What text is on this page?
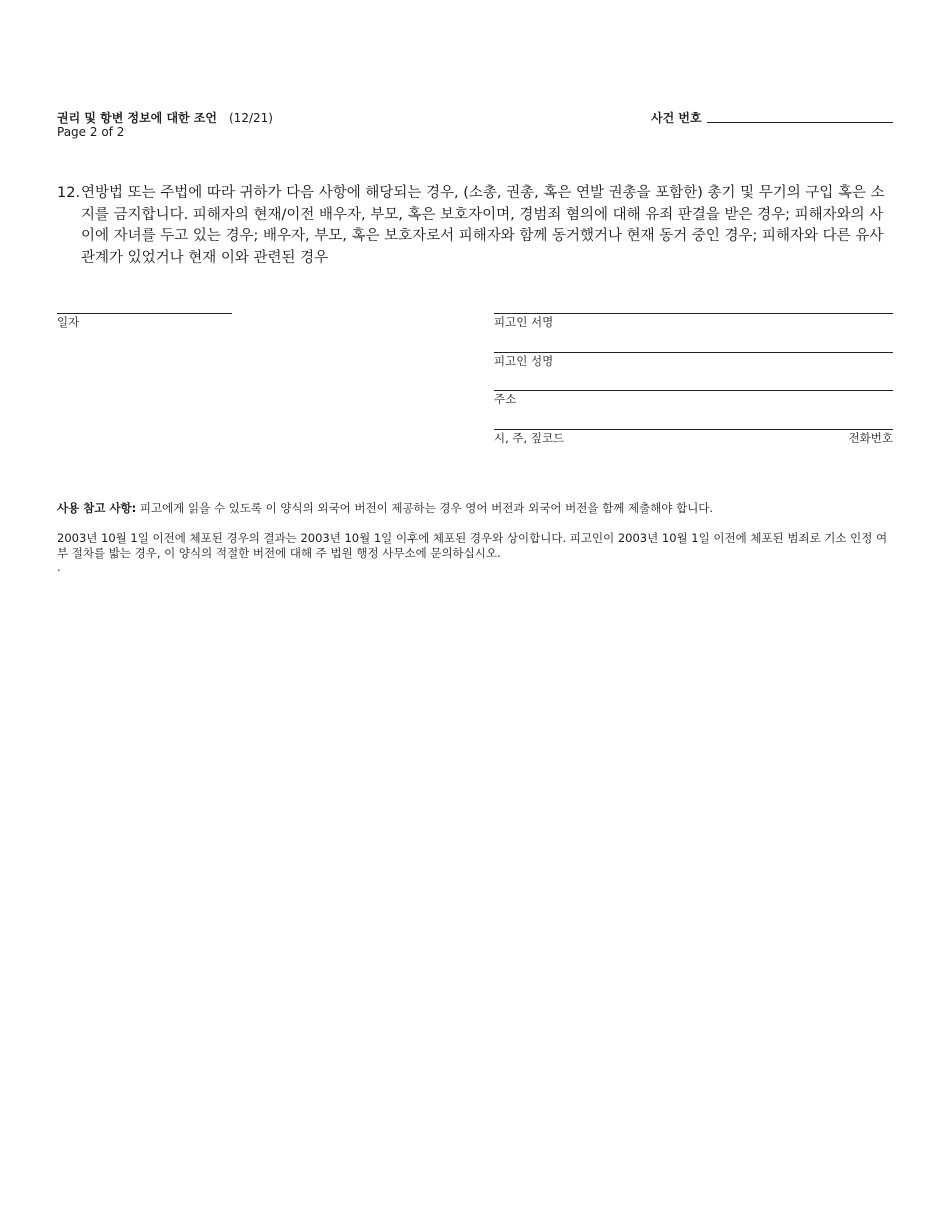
권리 및 항변 정보에 대한 조언 (12/21)
Page 2 of 2
사건 번호
12. 연방법 또는 주법에 따라 귀하가 다음 사항에 해당되는 경우, (소총, 권총, 혹은 연발 권총을 포함한) 총기 및 무기의 구입 혹은 소지를 금지합니다. 피해자의 현재/이전 배우자, 부모, 혹은 보호자이며, 경범죄 혐의에 대해 유죄 판결을 받은 경우; 피해자와의 사이에 자녀를 두고 있는 경우; 배우자, 부모, 혹은 보호자로서 피해자와 함께 동거했거나 현재 동거 중인 경우; 피해자와 다른 유사 관계가 있었거나 현재 이와 관련된 경우
일자	피고인 서명
피고인 성명
주소
시, 주, 짚코드	전화번호
사용 참고 사항: 피고에게 읽을 수 있도록 이 양식의 외국어 버전이 제공하는 경우 영어 버전과 외국어 버전을 함께 제출해야 합니다.
2003년 10월 1일 이전에 체포된 경우의 결과는 2003년 10월 1일 이후에 체포된 경우와 상이합니다. 피고인이 2003년 10월 1일 이전에 체포된 범죄로 기소 인정 여부 절차를 밟는 경우, 이 양식의 적절한 버전에 대해 주 법원 행정 사무소에 문의하십시오.
.
